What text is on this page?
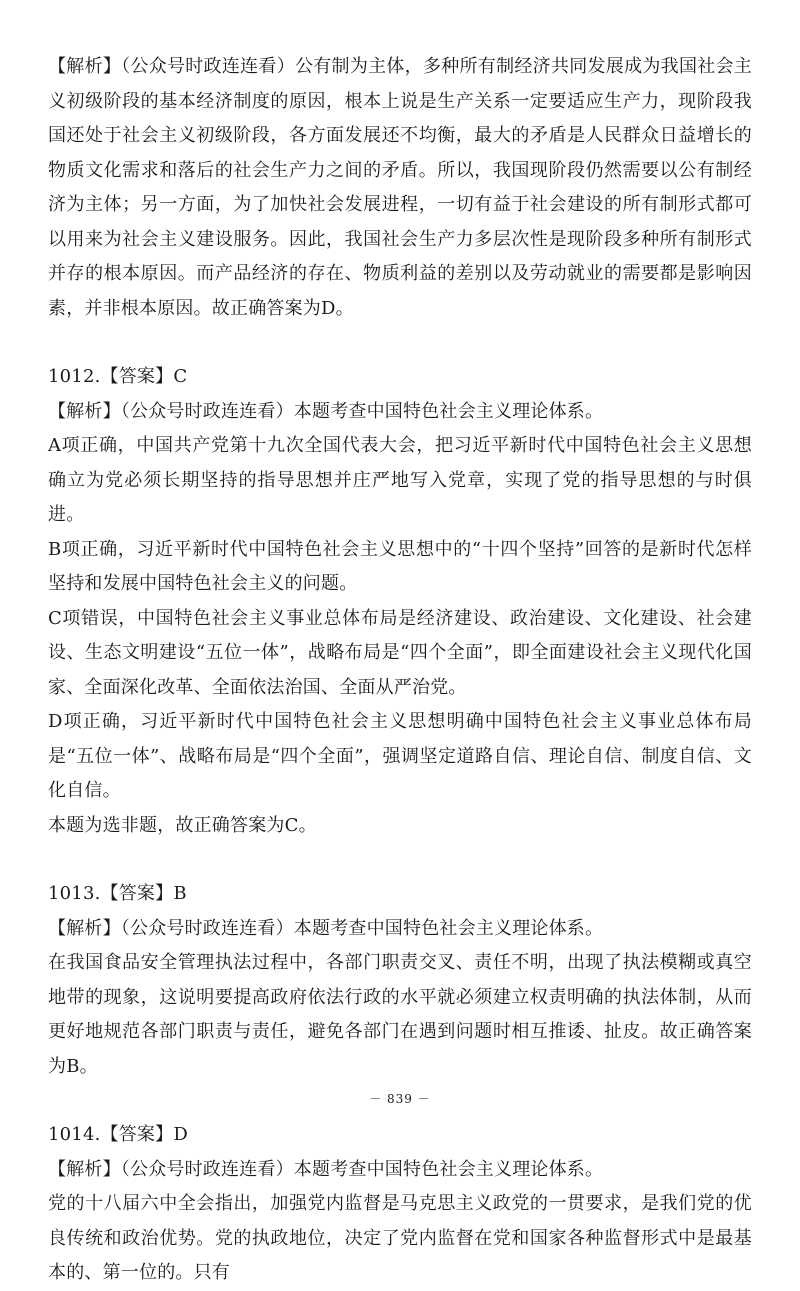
【解析】（公众号时政连连看）公有制为主体，多种所有制经济共同发展成为我国社会主义初级阶段的基本经济制度的原因，根本上说是生产关系一定要适应生产力，现阶段我国还处于社会主义初级阶段，各方面发展还不均衡，最大的矛盾是人民群众日益增长的物质文化需求和落后的社会生产力之间的矛盾。所以，我国现阶段仍然需要以公有制经济为主体；另一方面，为了加快社会发展进程，一切有益于社会建设的所有制形式都可以用来为社会主义建设服务。因此，我国社会生产力多层次性是现阶段多种所有制形式并存的根本原因。而产品经济的存在、物质利益的差别以及劳动就业的需要都是影响因素，并非根本原因。故正确答案为D。

1012.【答案】C

【解析】（公众号时政连连看）本题考查中国特色社会主义理论体系。

A项正确，中国共产党第十九次全国代表大会，把习近平新时代中国特色社会主义思想确立为党必须长期坚持的指导思想并庄严地写入党章，实现了党的指导思想的与时俱进。

B项正确，习近平新时代中国特色社会主义思想中的“十四个坚持”回答的是新时代怎样坚持和发展中国特色社会主义的问题。

C项错误，中国特色社会主义事业总体布局是经济建设、政治建设、文化建设、社会建设、生态文明建设“五位一体”，战略布局是“四个全面”，即全面建设社会主义现代化国家、全面深化改革、全面依法治国、全面从严治党。

D项正确，习近平新时代中国特色社会主义思想明确中国特色社会主义事业总体布局是“五位一体”、战略布局是“四个全面”，强调坚定道路自信、理论自信、制度自信、文化自信。

本题为选非题，故正确答案为C。

1013.【答案】B

【解析】（公众号时政连连看）本题考查中国特色社会主义理论体系。

在我国食品安全管理执法过程中，各部门职责交叉、责任不明，出现了执法模糊或真空地带的现象，这说明要提高政府依法行政的水平就必须建立权责明确的执法体制，从而更好地规范各部门职责与责任，避免各部门在遇到问题时相互推诿、扯皮。故正确答案为B。

1014.【答案】D

【解析】（公众号时政连连看）本题考查中国特色社会主义理论体系。

党的十八届六中全会指出，加强党内监督是马克思主义政党的一贯要求，是我们党的优良传统和政治优势。党的执政地位，决定了党内监督在党和国家各种监督形式中是最基本的、第一位的。只有

－ 839 －
